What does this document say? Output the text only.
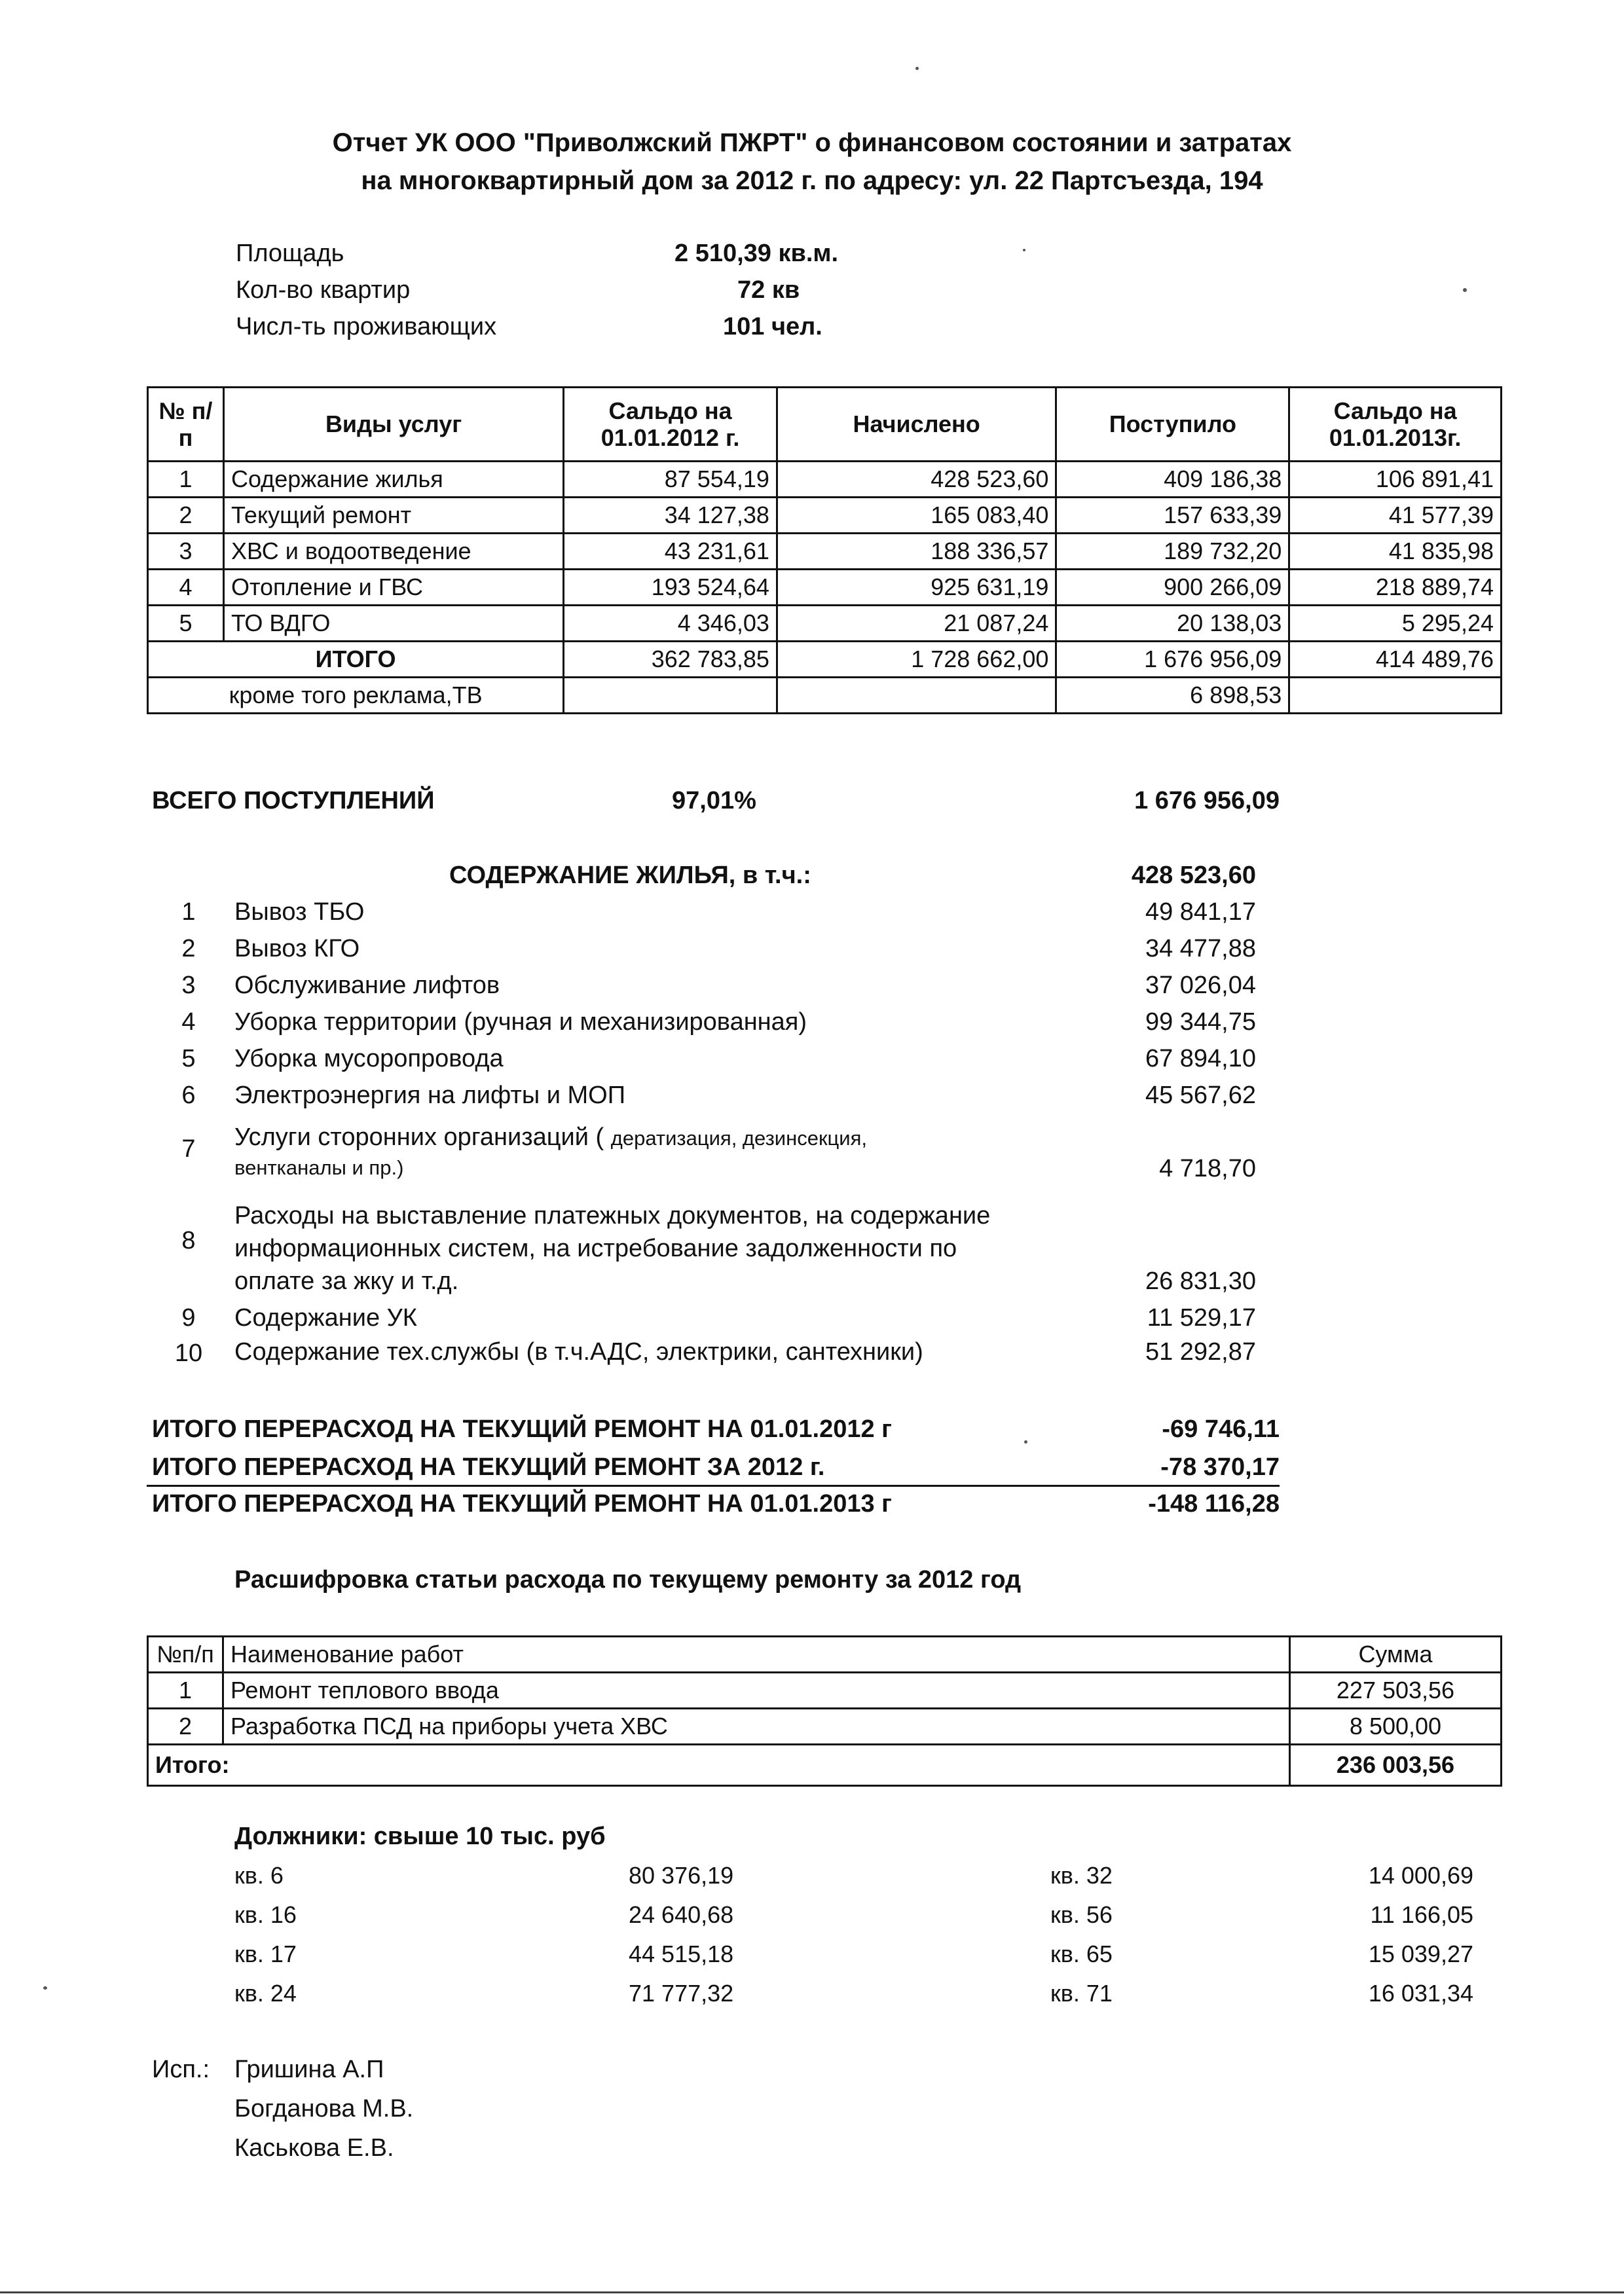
Отчет УК ООО "Приволжский ПЖРТ" о финансовом состоянии и затратах
на многоквартирный дом за 2012 г. по адресу: ул. 22 Партсъезда, 194
Площадь	2 510,39 кв.м.
Кол-во квартир	72 кв
Числ-ть проживающих	101 чел.
№ п/п	Виды услуг	Сальдо на 01.01.2012 г.	Начислено	Поступило	Сальдо на 01.01.2013г.
1	Содержание жилья	87 554,19	428 523,60	409 186,38	106 891,41
2	Текущий ремонт	34 127,38	165 083,40	157 633,39	41 577,39
3	ХВС и водоотведение	43 231,61	188 336,57	189 732,20	41 835,98
4	Отопление и ГВС	193 524,64	925 631,19	900 266,09	218 889,74
5	ТО ВДГО	4 346,03	21 087,24	20 138,03	5 295,24
ИТОГО		362 783,85	1 728 662,00	1 676 956,09	414 489,76
кроме того реклама,ТВ				6 898,53	
ВСЕГО ПОСТУПЛЕНИЙ	97,01%	1 676 956,09
СОДЕРЖАНИЕ ЖИЛЬЯ, в т.ч.:	428 523,60
1	Вывоз ТБО	49 841,17
2	Вывоз КГО	34 477,88
3	Обслуживание лифтов	37 026,04
4	Уборка территории (ручная и механизированная)	99 344,75
5	Уборка мусоропровода	67 894,10
6	Электроэнергия на лифты и МОП	45 567,62
7	Услуги сторонних организаций ( дератизация, дезинсекция,
вентканалы и пр.)	4 718,70
8
Расходы на выставление платежных документов, на содержание
информационных систем, на истребование задолженности по
оплате за жку и т.д.	26 831,30
9	Содержание УК	11 529,17
10 Содержание тех.службы (в т.ч.АДС, электрики, сантехники)	51 292,87
ИТОГО ПЕРЕРАСХОД НА ТЕКУЩИЙ РЕМОНТ НА 01.01.2012 г	-69 746,11
ИТОГО ПЕРЕРАСХОД НА ТЕКУЩИЙ РЕМОНТ ЗА 2012 г.	-78 370,17
ИТОГО ПЕРЕРАСХОД НА ТЕКУЩИЙ РЕМОНТ НА 01.01.2013 г	-148 116,28
Расшифровка статьи расхода по текущему ремонту за 2012 год
№п/п	Наименование работ	Сумма
1	Ремонт теплового ввода	227 503,56
2	Разработка ПСД на приборы учета ХВС	8 500,00
Итого:		236 003,56
Должники: свыше 10 тыс. руб
кв. 6	80 376,19	кв. 32	14 000,69
кв. 16	24 640,68	кв. 56	11 166,05
кв. 17	44 515,18	кв. 65	15 039,27
кв. 24	71 777,32	кв. 71	16 031,34
Исп.: Гришина А.П
Богданова М.В.
Каськова Е.В.
